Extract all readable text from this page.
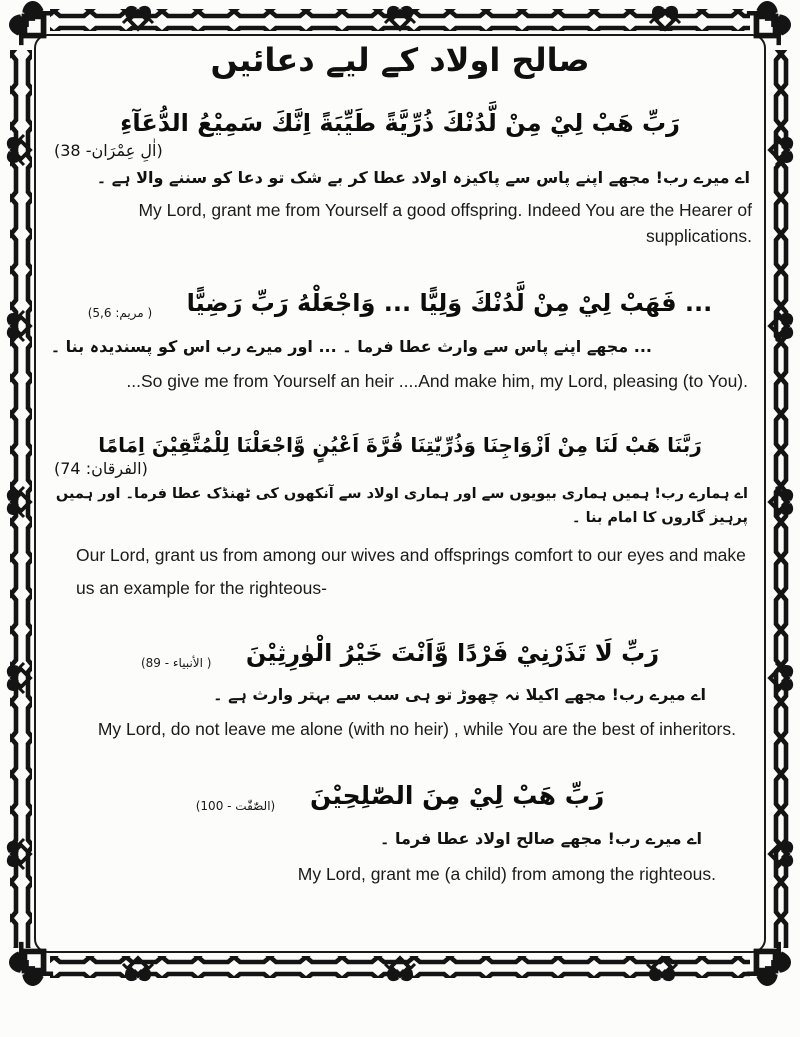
صالح اولاد کے لیے دعائیں
رَبِّ هَبْ لِيْ مِنْ لَّدُنْكَ ذُرِّيَّةً طَيِّبَةً اِنَّكَ سَمِيْعُ الدُّعَآءِ
(اٰلِ عِمْرَان- 38)
اے میرے رب! مجھے اپنے پاس سے پاکیزہ اولاد عطا کر بے شک تو دعا کو سننے والا ہے ۔
My Lord, grant me from Yourself a good offspring. Indeed You are the Hearer of supplications.
... فَهَبْ لِيْ مِنْ لَّدُنْكَ وَلِيًّا ... وَاجْعَلْهُ رَبِّ رَضِيًّا $_{( مریم: 5,6)}$
... مجھے اپنے پاس سے وارث عطا فرما ۔ ... اور میرے رب اس کو پسندیدہ بنا ۔
...So give me from Yourself an heir ....And make him, my Lord, pleasing (to You).
رَبَّنَا هَبْ لَنَا مِنْ اَزْوَاجِنَا وَذُرِّيّٰتِنَا قُرَّةَ اَعْيُنٍ وَّاجْعَلْنَا لِلْمُتَّقِيْنَ اِمَامًا
(الفرقان: 74)
اے ہمارے رب! ہمیں ہماری بیویوں سے اور ہماری اولاد سے آنکھوں کی ٹھنڈک عطا فرما۔ اور ہمیں پرہیز گاروں کا امام بنا ۔
Our Lord, grant us from among our wives and offsprings comfort to our eyes and make us an example for the righteous-
رَبِّ لَا تَذَرْنِيْ فَرْدًا وَّاَنْتَ خَيْرُ الْوٰرِثِيْنَ $_{( الأنبياء - 89)}$
اے میرے رب! مجھے اکیلا نہ چھوڑ تو ہی سب سے بہتر وارث ہے ۔
My Lord, do not leave me alone (with no heir) , while You are the best of inheritors.
رَبِّ هَبْ لِيْ مِنَ الصّٰلِحِيْنَ $_{(الصّٰفّٰت - 100)}$
اے میرے رب! مجھے صالح اولاد عطا فرما ۔
My Lord, grant me (a child) from among the righteous.
